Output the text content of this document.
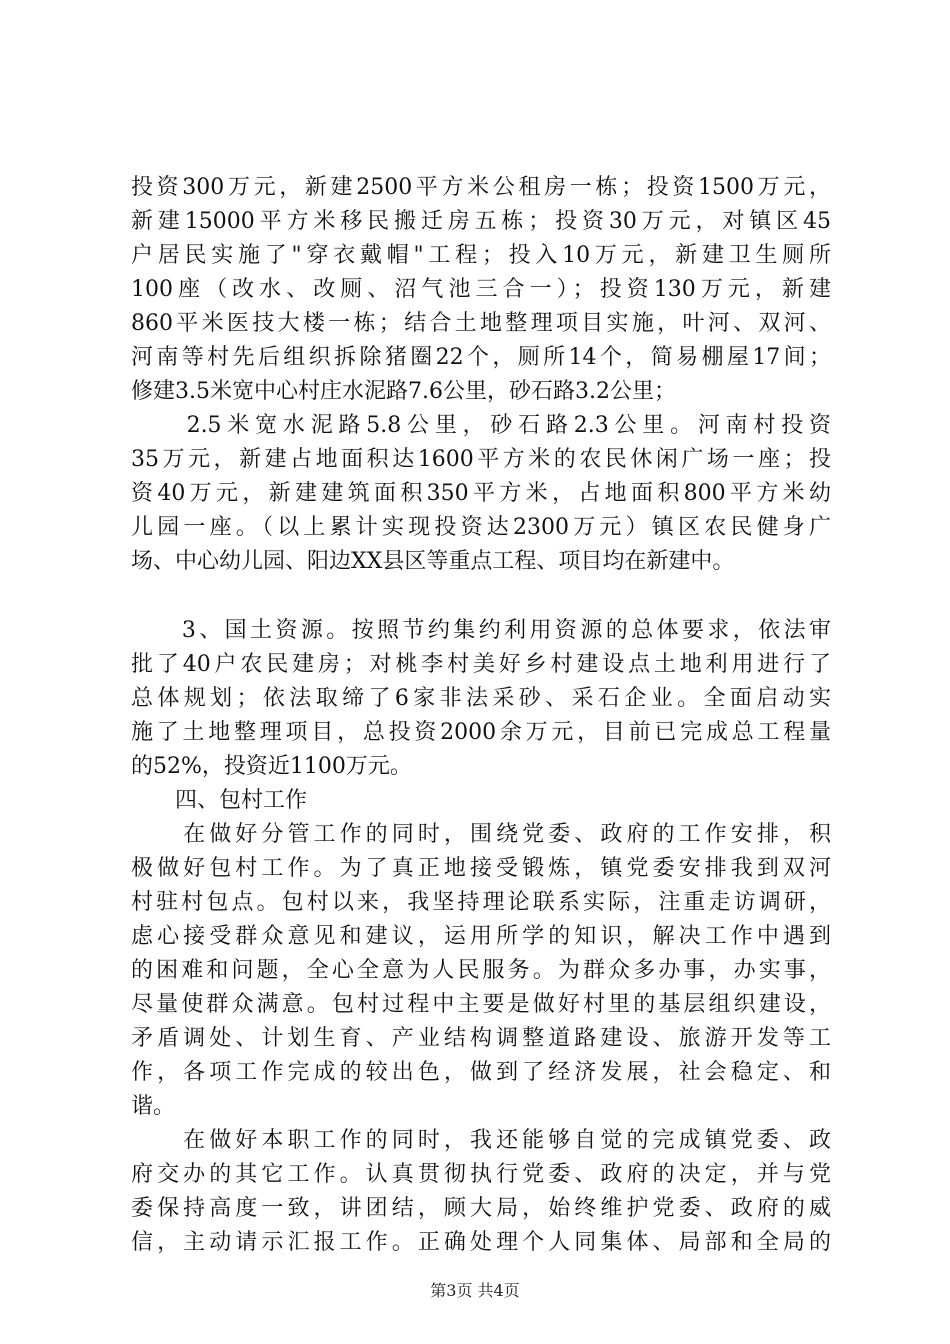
投资300万元，新建2500平方米公租房一栋；投资1500万元，
新建15000平方米移民搬迁房五栋；投资30万元，对镇区45
户居民实施了"穿衣戴帽"工程；投入10万元，新建卫生厕所
100座（改水、改厕、沼气池三合一）；投资130万元，新建
860平米医技大楼一栋；结合土地整理项目实施，叶河、双河、
河南等村先后组织拆除猪圈22个，厕所14个，简易棚屋17间；
修建3.5米宽中心村庄水泥路7.6公里，砂石路3.2公里；
　　2.5米宽水泥路5.8公里，砂石路2.3公里。河南村投资
35万元，新建占地面积达1600平方米的农民休闲广场一座；投
资40万元，新建建筑面积350平方米，占地面积800平方米幼
儿园一座。（以上累计实现投资达2300万元）镇区农民健身广
场、中心幼儿园、阳边XX县区等重点工程、项目均在新建中。
　　3、国土资源。按照节约集约利用资源的总体要求，依法审
批了40户农民建房；对桃李村美好乡村建设点土地利用进行了
总体规划；依法取缔了6家非法采砂、采石企业。全面启动实
施了土地整理项目，总投资2000余万元，目前已完成总工程量
的52%，投资近1100万元。
　　四、包村工作
　　在做好分管工作的同时，围绕党委、政府的工作安排，积
极做好包村工作。为了真正地接受锻炼，镇党委安排我到双河
村驻村包点。包村以来，我坚持理论联系实际，注重走访调研，
虑心接受群众意见和建议，运用所学的知识，解决工作中遇到
的困难和问题，全心全意为人民服务。为群众多办事，办实事，
尽量使群众满意。包村过程中主要是做好村里的基层组织建设，
矛盾调处、计划生育、产业结构调整道路建设、旅游开发等工
作，各项工作完成的较出色，做到了经济发展，社会稳定、和
谐。
　　在做好本职工作的同时，我还能够自觉的完成镇党委、政
府交办的其它工作。认真贯彻执行党委、政府的决定，并与党
委保持高度一致，讲团结，顾大局，始终维护党委、政府的威
信，主动请示汇报工作。正确处理个人同集体、局部和全局的
第3页 共4页
